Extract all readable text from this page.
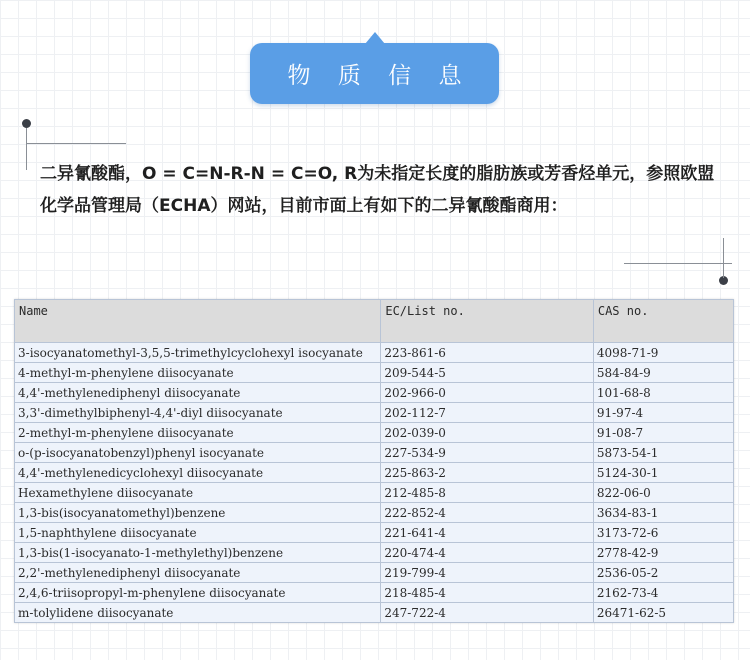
物 质 信 息
二异氰酸酯，O = C=N-R-N = C=O, R为未指定长度的脂肪族或芳香烃单元，参照欧盟化学品管理局（ECHA）网站，目前市面上有如下的二异氰酸酯商用：
Name	EC/List no.	CAS no.
3-isocyanatomethyl-3,5,5-trimethylcyclohexyl isocyanate	223-861-6	4098-71-9
4-methyl-m-phenylene diisocyanate	209-544-5	584-84-9
4,4'-methylenediphenyl diisocyanate	202-966-0	101-68-8
3,3'-dimethylbiphenyl-4,4'-diyl diisocyanate	202-112-7	91-97-4
2-methyl-m-phenylene diisocyanate	202-039-0	91-08-7
o-(p-isocyanatobenzyl)phenyl isocyanate	227-534-9	5873-54-1
4,4'-methylenedicyclohexyl diisocyanate	225-863-2	5124-30-1
Hexamethylene diisocyanate	212-485-8	822-06-0
1,3-bis(isocyanatomethyl)benzene	222-852-4	3634-83-1
1,5-naphthylene diisocyanate	221-641-4	3173-72-6
1,3-bis(1-isocyanato-1-methylethyl)benzene	220-474-4	2778-42-9
2,2'-methylenediphenyl diisocyanate	219-799-4	2536-05-2
2,4,6-triisopropyl-m-phenylene diisocyanate	218-485-4	2162-73-4
m-tolylidene diisocyanate	247-722-4	26471-62-5
